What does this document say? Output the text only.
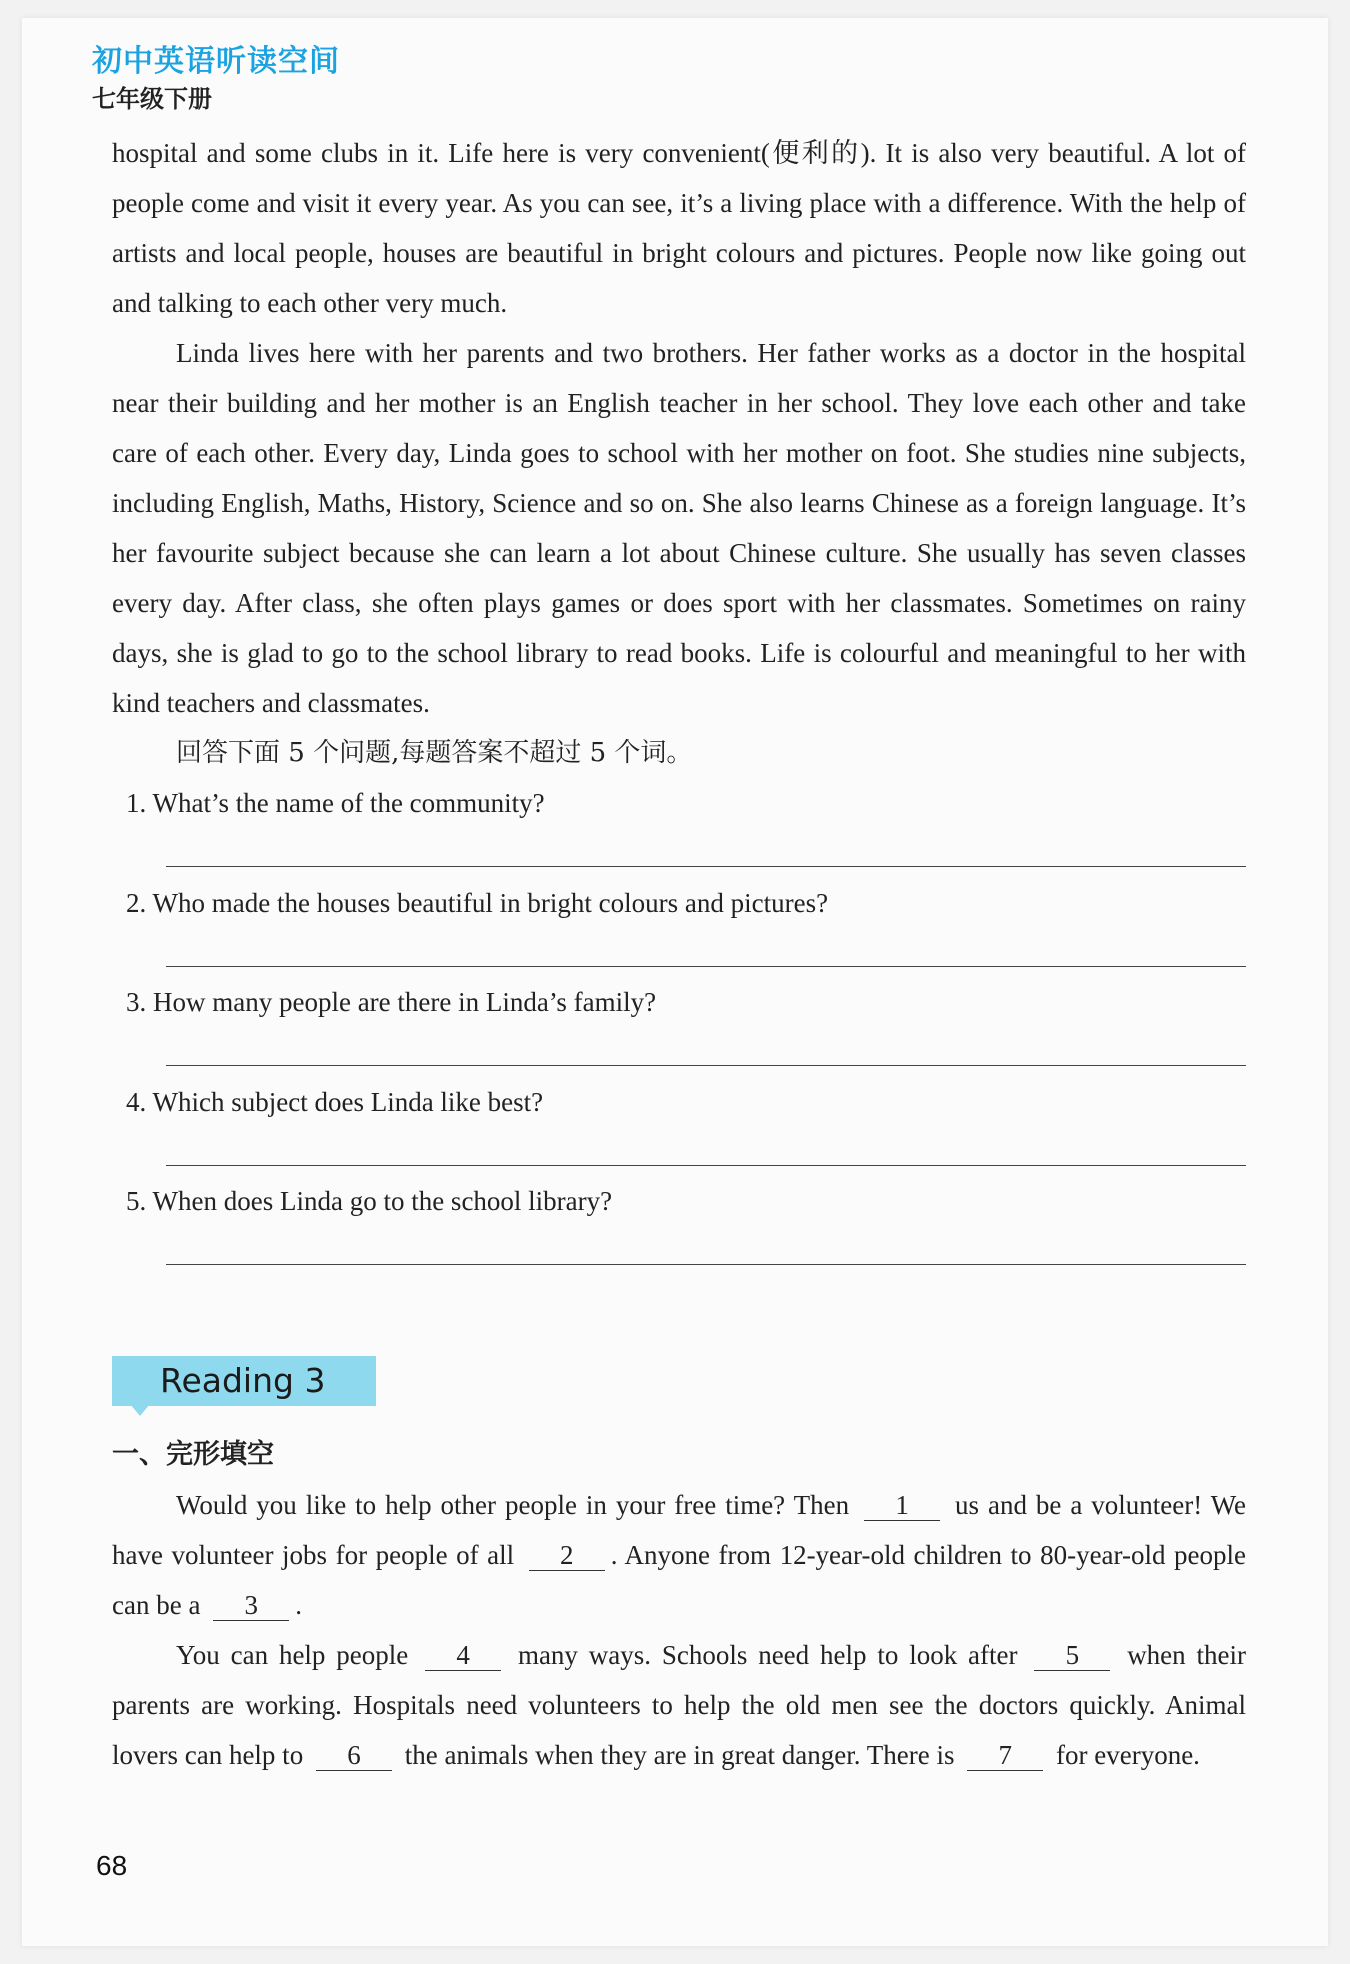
初中英语听读空间
七年级下册

hospital and some clubs in it. Life here is very convenient(便利的). It is also very beautiful. A lot of people come and visit it every year. As you can see, it’s a living place with a difference. With the help of artists and local people, houses are beautiful in bright colours and pictures. People now like going out and talking to each other very much.

Linda lives here with her parents and two brothers. Her father works as a doctor in the hospital near their building and her mother is an English teacher in her school. They love each other and take care of each other. Every day, Linda goes to school with her mother on foot. She studies nine subjects, including English, Maths, History, Science and so on. She also learns Chinese as a foreign language. It’s her favourite subject because she can learn a lot about Chinese culture. She usually has seven classes every day. After class, she often plays games or does sport with her classmates. Sometimes on rainy days, she is glad to go to the school library to read books. Life is colourful and meaningful to her with kind teachers and classmates.

回答下面 5 个问题,每题答案不超过 5 个词。

1. What’s the name of the community?
2. Who made the houses beautiful in bright colours and pictures?
3. How many people are there in Linda’s family?
4. Which subject does Linda like best?
5. When does Linda go to the school library?
Reading 3
一、完形填空

Would you like to help other people in your free time? Then 1 us and be a volunteer! We have volunteer jobs for people of all 2 . Anyone from 12-year-old children to 80-year-old people can be a 3 .

You can help people 4 many ways. Schools need help to look after 5 when their parents are working. Hospitals need volunteers to help the old men see the doctors quickly. Animal lovers can help to 6 the animals when they are in great danger. There is 7 for everyone.

68
